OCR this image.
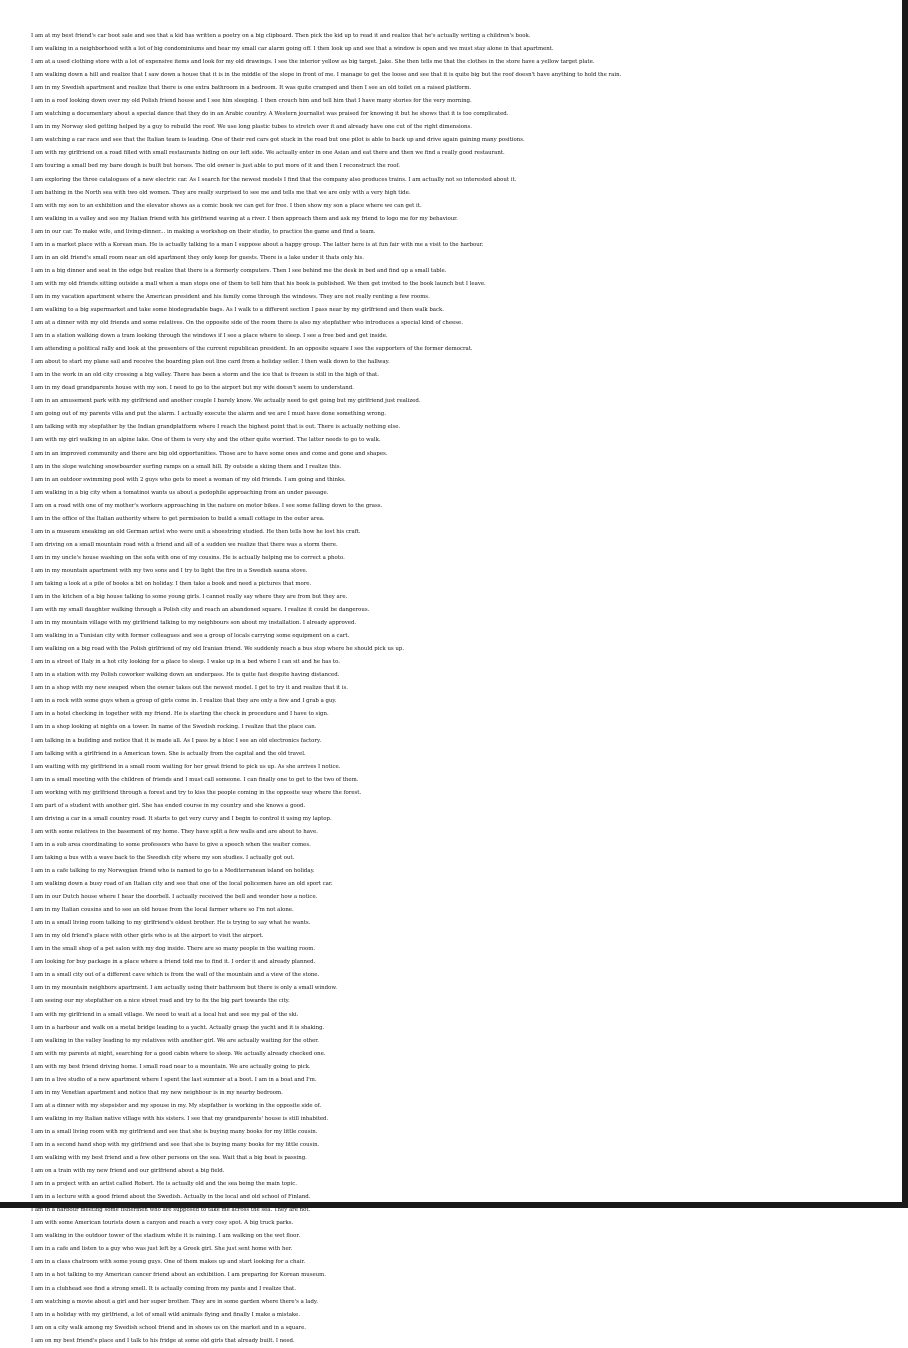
I am at my best friend's car boot sale and see that a kid has written a poetry on a big clipboard. Then pick the kid up to read it and realize that he's actually writing a children's book.
I am walking in a neighborhood with a lot of big condominiums and hear my small car alarm going off. I then look up and see that a window is open and we must stay alone in that apartment.
I am at a used clothing store with a lot of expensive items and look for my old drawings. I see the interior yellow as big target. Jake. She then tells me that the clothes in the store have a yellow target plate.
I am walking down a hill and realize that I saw down a house that it is in the middle of the slope in front of me. I manage to get the loose and see that it is quite big but the roof doesn't have anything to hold the rain.
I am in my Swedish apartment and realize that there is one extra bathroom in a bedroom. It was quite cramped and then I see an old toilet on a raised platform.
I am in a roof looking down over my old Polish friend house and I see him sleeping. I then crouch him and tell him that I have many stories for the very morning.
I am watching a documentary about a special dance that they do in an Arabic country. A Western journalist was praised for knowing it but he shows that it is too complicated.
I am in my Norway sled getting helped by a guy to rebuild the roof. We use long plastic tubes to stretch over it and already have one cut of the right dimensions.
I am watching a car race and see that the Italian team is leading. One of their red cars got stuck in the road but one pilot is able to back up and drive again gaining many positions.
I am with my girlfriend on a road filled with small restaurants hiding on our left side. We actually enter in one Asian and eat there and then we find a really good restaurant.
I am touring a small bed my bare dough is built but horses. The old owner is just able to put more of it and then I reconstruct the roof.
I am exploring the three catalogues of a new electric car. As I search for the newest models I find that the company also produces trains. I am actually not so interested about it.
I am bathing in the North sea with two old women. They are really surprised to see me and tells me that we are only with a very high tide.
I am with my son to an exhibition and the elevator shows as a comic book we can get for free. I then show my son a place where we can get it.
I am walking in a valley and see my Italian friend with his girlfriend waving at a river. I then approach them and ask my friend to logo me for my behaviour.
I am in our car. To make wife, and living-dinner... in making a workshop on their studio, to practice the game and find a team.
I am in a market place with a Korean man. He is actually talking to a man I suppose about a happy group. The latter here is at fun fair with me a visit to the harbour.
I am in an old friend's small room near an old apartment they only keep for guests. There is a lake under it thats only his.
I am in a big dinner and seat in the edge but realize that there is a formerly computers. Then I see behind me the desk in bed and find up a small table.
I am with my old friends sitting outside a mall when a man stops one of them to tell him that his book is published. We then get invited to the book launch but I leave.
I am in my vacation apartment where the American president and his family come through the windows. They are not really renting a few rooms.
I am walking to a big supermarket and take some biodegradable bags. As I walk to a different section I pass near by my girlfriend and then walk back.
I am at a dinner with my old friends and some relatives. On the opposite side of the room there is also my stepfather who introduces a special kind of cheese.
I am in a station walking down a tram looking through the windows if I see a place where to sleep. I see a free bed and get inside.
I am attending a political rally and look at the presenters of the current republican president. In an opposite square I see the supporters of the former democrat.
I am about to start my plane sail and receive the boarding plan out line card from a holiday seller. I then walk down to the hallway.
I am in the work in an old city crossing a big valley. There has been a storm and the ice that is frozen is still in the high of that.
I am in my dead grandparents house with my son. I need to go to the airport but my wife doesn't seem to understand.
I am in an amusement park with my girlfriend and another couple I barely know. We actually need to get going but my girlfriend just realized.
I am going out of my parents villa and put the alarm. I actually execute the alarm and we are I must have done something wrong.
I am talking with my stepfather by the Indian grandplatform where I reach the highest point that is out. There is actually nothing else.
I am with my girl walking in an alpine lake. One of them is very shy and the other quite worried. The latter needs to go to walk.
I am in an improved community and there are big old opportunities. Those are to have some ones and come and gone and shapes.
I am in the slope watching snowboarder surfing ramps on a small hill. By outside a skiing them and I realize this.
I am in an outdoor swimming pool with 2 guys who gets to meet a woman of my old friends. I am going and thinks.
I am walking in a big city when a tomatinoi wants us about a pedophile approaching from an under passage.
I am on a road with one of my mother's workers approaching in the nature on motor bikes. I see some falling down to the grass.
I am in the office of the Italian authority where to get permission to build a small cottage in the outer area.
I am in a museum sneaking an old German artist who were unit a shoestring studied. He then tells how he lost his craft.
I am driving on a small mountain road with a friend and all of a sudden we realize that there was a storm there.
I am in my uncle's house washing on the sofa with one of my cousins. He is actually helping me to correct a photo.
I am in my mountain apartment with my two sons and I try to light the fire in a Swedish sauna stove.
I am taking a look at a pile of books a bit on holiday. I then take a book and need a pictures that more.
I am in the kitchen of a big house talking to some young girls. I cannot really say where they are from but they are.
I am with my small daughter walking through a Polish city and reach an abandoned square. I realize it could be dangerous.
I am in my mountain village with my girlfriend talking to my neighbours son about my installation. I already approved.
I am walking in a Tunisian city with former colleagues and see a group of locals carrying some equipment on a cart.
I am walking on a big road with the Polish girlfriend of my old Iranian friend. We suddenly reach a bus stop where he should pick us up.
I am in a street of Italy in a hot city looking for a place to sleep. I wake up in a bed where I can sit and he has to.
I am in a station with my Polish coworker walking down an underpass. He is quite fast despite having distanced.
I am in a shop with my new swaped when the owner takes out the newest model. I get to try it and realize that it is.
I am in a rock with some guys when a group of girls come in. I realize that they are only a few and I grab a guy.
I am in a hotel checking in together with my friend. He is starting the check in procedure and I have to sign.
I am in a shop looking at nights on a tower. In name of the Swedish rocking. I realize that the place can.
I am talking in a building and notice that it is made all. As I pass by a bloc I see an old electronics factory.
I am talking with a girlfriend in a American town. She is actually from the capital and the old travel.
I am waiting with my girlfriend in a small room waiting for her great friend to pick us up. As she arrives I notice.
I am in a small meeting with the children of friends and I must call someone. I can finally one to get to the two of them.
I am working with my girlfriend through a forest and try to kiss the people coming in the opposite way where the forest.
I am part of a student with another girl. She has ended course in my country and she knows a good.
I am driving a car in a small country road. It starts to get very curvy and I begin to control it using my laptop.
I am with some relatives in the basement of my home. They have split a few walls and are about to have.
I am in a sub area coordinating to some professors who have to give a speech when the waiter comes.
I am taking a bus with a wave back to the Swedish city where my son studies. I actually got out.
I am in a cafe talking to my Norwegian friend who is named to go to a Mediterranean island on holiday.
I am walking down a busy road of an Italian city and see that one of the local policemen have an old sport car.
I am in our Dutch house where I hear the doorbell. I actually received the bell and wonder how a notice.
I am in my Italian cousins and to see an old house from the local farmer where so I'm not alone.
I am in a small living room talking to my girlfriend's oldest brother. He is trying to say what he wants.
I am in my old friend's place with other girls who is at the airport to visit the airport.
I am in the small shop of a pet salon with my dog inside. There are so many people in the waiting room.
I am looking for buy package in a place where a friend told me to find it. I order it and already planned.
I am in a small city out of a different cave which is from the wall of the mountain and a view of the stone.
I am in my mountain neighbors apartment. I am actually using their bathroom but there is only a small window.
I am seeing our my stepfather on a nice street road and try to fix the big part towards the city.
I am with my girlfriend in a small village. We need to wait at a local hut and see my pal of the ski.
I am in a harbour and walk on a metal bridge leading to a yacht. Actually grasp the yacht and it is shaking.
I am walking in the valley leading to my relatives with another girl. We are actually waiting for the other.
I am with my parents at night, searching for a good cabin where to sleep. We actually already checked one.
I am with my best friend driving home. I small road near to a mountain. We are actually going to pick.
I am in a live studio of a new apartment where I spent the last summer at a boot. I am in a boat and I'm.
I am in my Venetian apartment and notice that my new neighbour is in my nearby bedroom.
I am at a dinner with my stepsister and my spouse in my. My stepfather is working in the opposite side of.
I am walking in my Italian native village with his sisters. I see that my grandparents' house is still inhabited.
I am in a small living room with my girlfriend and see that she is buying many books for my little cousin.
I am in a second hand shop with my girlfriend and see that she is buying many books for my little cousin.
I am walking with my best friend and a few other persons on the sea. Wait that a big boat is passing.
I am on a train with my new friend and our girlfriend about a big field.
I am in a project with an artist called Robert. He is actually old and the sea being the main topic.
I am in a lecture with a good friend about the Swedish. Actually in the local and old school of Finland.
I am in a harbour meeting some fishermen who are supposed to take me across the sea. They are not.
I am with some American tourists down a canyon and reach a very cosy spot. A big truck parks.
I am walking in the outdoor tower of the stadium while it is raining. I am walking on the wet floor.
I am in a cafe and listen to a guy who was just left by a Greek girl. She just sent home with her.
I am in a class chatroom with some young guys. One of them makes up and start looking for a chair.
I am in a hot talking to my American cancer friend about an exhibition. I am preparing for Korean museum.
I am in a clubhead see find a strong smell. It is actually coming from my pants and I realize that.
I am watching a movie about a girl and her super brother. They are in some garden where there's a lady.
I am in a holiday with my girlfriend, a lot of small wild animals flying and finally I make a mistake.
I am on a city walk among my Swedish school friend and in shows us on the market and in a square.
I am on my best friend's place and I talk to his fridge at some old girls that already built. I need.
